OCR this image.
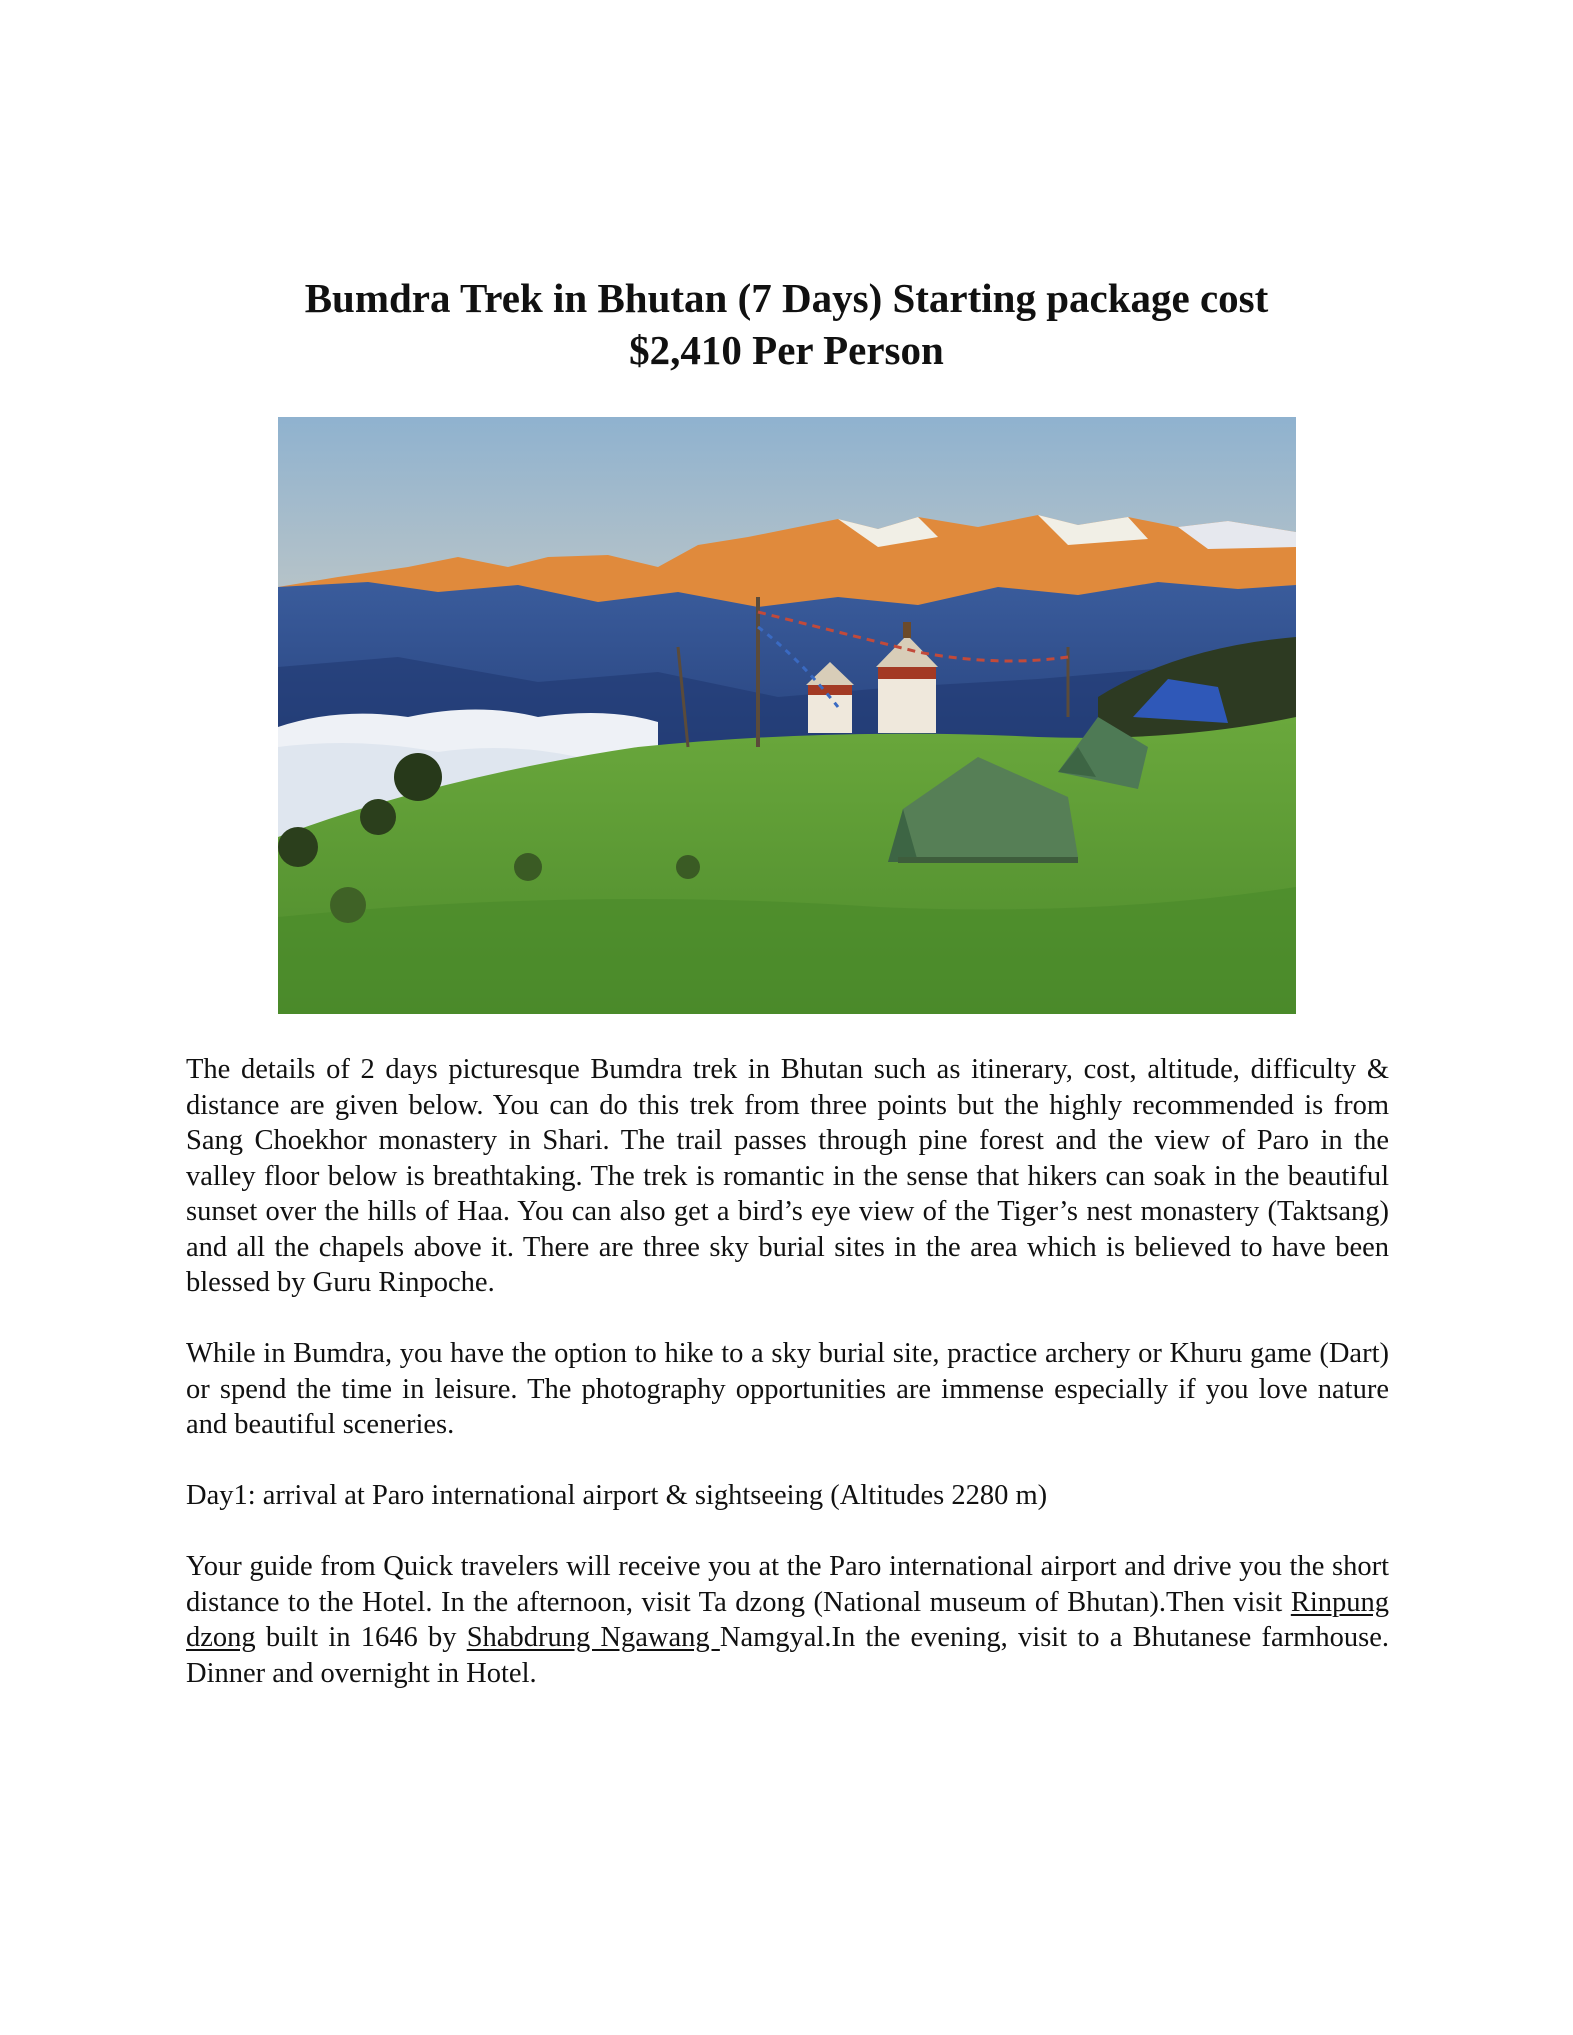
Bumdra Trek in Bhutan (7 Days) Starting package cost
$2,410 Per Person

The details of 2 days picturesque Bumdra trek in Bhutan such as itinerary, cost, altitude, difficulty & distance are given below. You can do this trek from three points but the highly recommended is from Sang Choekhor monastery in Shari. The trail passes through pine forest and the view of Paro in the valley floor below is breathtaking. The trek is romantic in the sense that hikers can soak in the beautiful sunset over the hills of Haa. You can also get a bird’s eye view of the Tiger’s nest monastery (Taktsang) and all the chapels above it. There are three sky burial sites in the area which is believed to have been blessed by Guru Rinpoche.

While in Bumdra, you have the option to hike to a sky burial site, practice archery or Khuru game (Dart) or spend the time in leisure. The photography opportunities are immense especially if you love nature and beautiful sceneries.

Day1: arrival at Paro international airport & sightseeing (Altitudes 2280 m)

Your guide from Quick travelers will receive you at the Paro international airport and drive you the short distance to the Hotel. In the afternoon, visit Ta dzong (National museum of Bhutan).Then visit Rinpung dzong built in 1646 by Shabdrung Ngawang Namgyal.In the evening, visit to a Bhutanese farmhouse. Dinner and overnight in Hotel.
